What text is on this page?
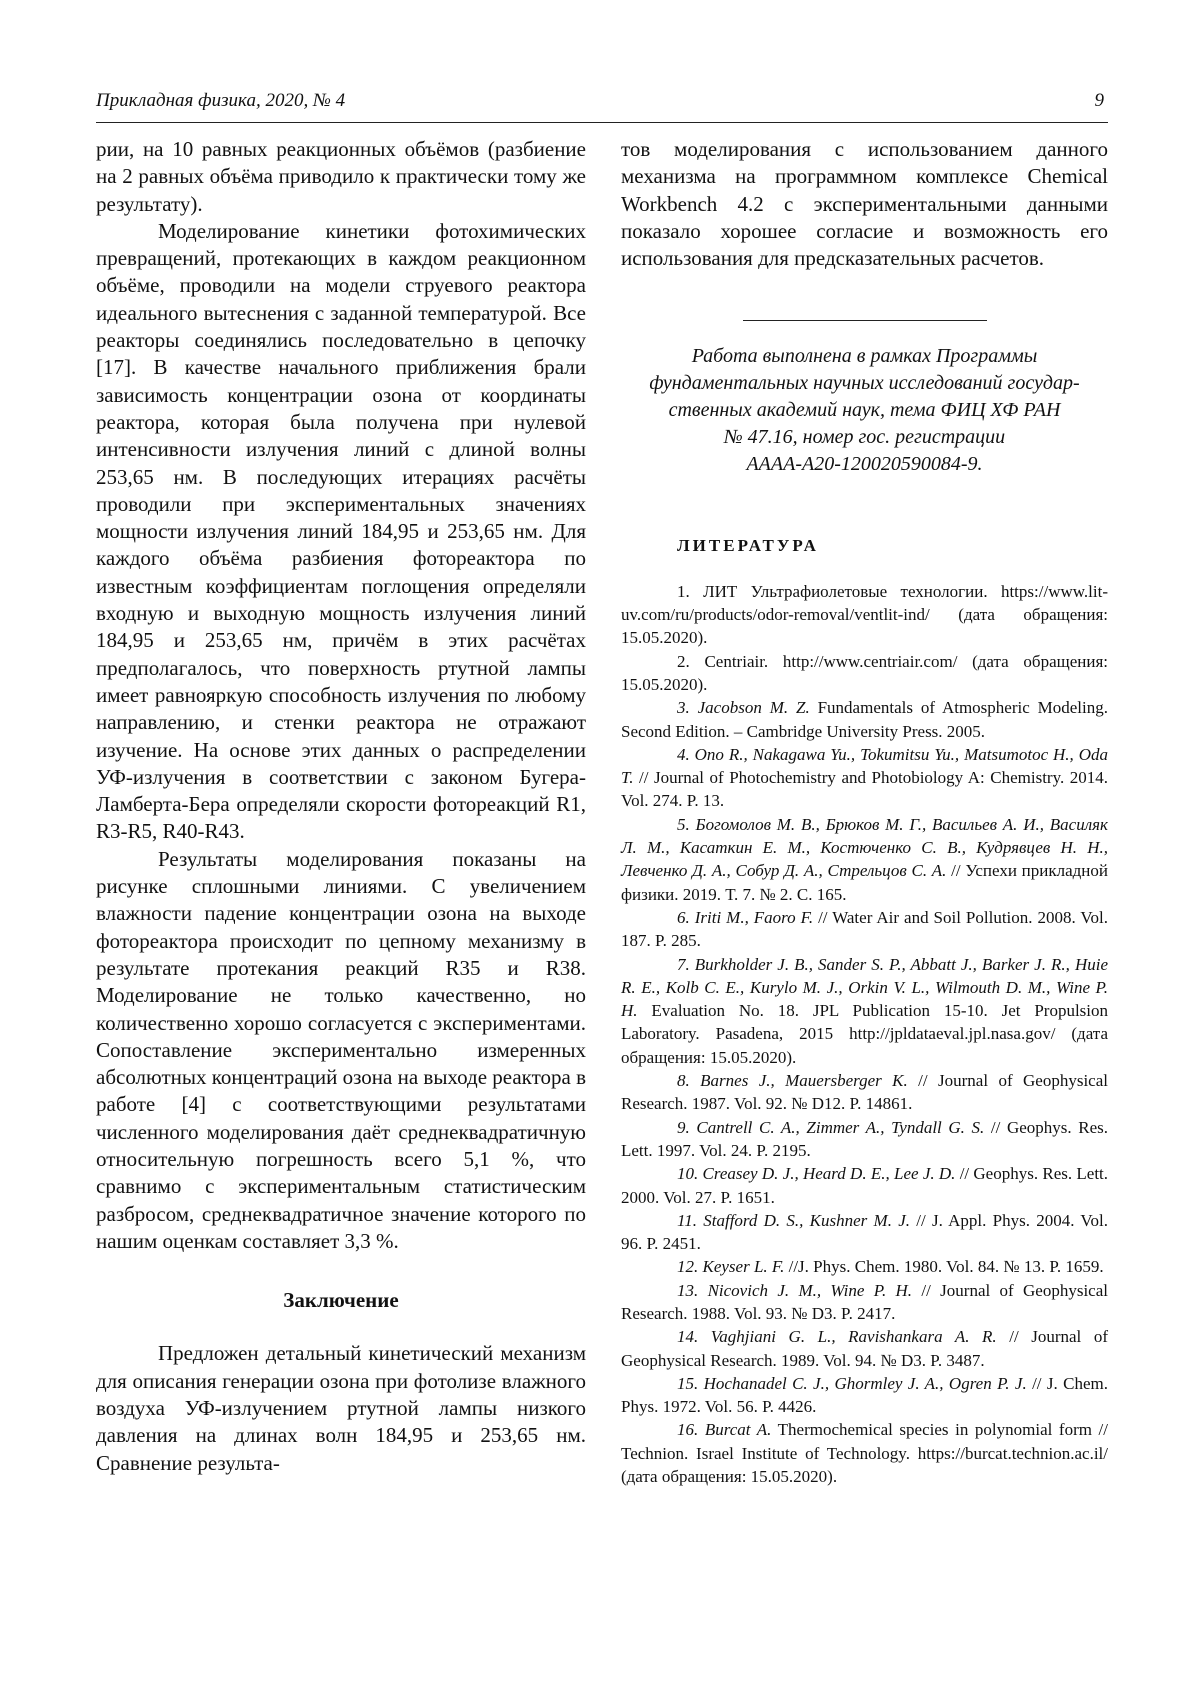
Прикладная физика, 2020, № 4	9

рии, на 10 равных реакционных объёмов (разбиение на 2 равных объёма приводило к практически тому же результату).

Моделирование кинетики фотохимических превращений, протекающих в каждом реакционном объёме, проводили на модели струевого реактора идеального вытеснения с заданной температурой. Все реакторы соединялись последовательно в цепочку [17]. В качестве начального приближения брали зависимость концентрации озона от координаты реактора, которая была получена при нулевой интенсивности излучения линий с длиной волны 253,65 нм. В последующих итерациях расчёты проводили при экспериментальных значениях мощности излучения линий 184,95 и 253,65 нм. Для каждого объёма разбиения фотореактора по известным коэффициентам поглощения определяли входную и выходную мощность излучения линий 184,95 и 253,65 нм, причём в этих расчётах предполагалось, что поверхность ртутной лампы имеет равнояркую способность излучения по любому направлению, и стенки реактора не отражают изучение. На основе этих данных о распределении УФ-излучения в соответствии с законом Бугера-Ламберта-Бера определяли скорости фотореакций R1, R3-R5, R40-R43.

Результаты моделирования показаны на рисунке сплошными линиями. С увеличением влажности падение концентрации озона на выходе фотореактора происходит по цепному механизму в результате протекания реакций R35 и R38. Моделирование не только качественно, но количественно хорошо согласуется с экспериментами. Сопоставление экспериментально измеренных абсолютных концентраций озона на выходе реактора в работе [4] с соответствующими результатами численного моделирования даёт среднеквадратичную относительную погрешность всего 5,1 %, что сравнимо с экспериментальным статистическим разбросом, среднеквадратичное значение которого по нашим оценкам составляет 3,3 %.

Заключение

Предложен детальный кинетический механизм для описания генерации озона при фотолизе влажного воздуха УФ-излучением ртутной лампы низкого давления на длинах волн 184,95 и 253,65 нм. Сравнение результа-

тов моделирования с использованием данного механизма на программном комплексе Chemical Workbench 4.2 с экспериментальными данными показало хорошее согласие и возможность его использования для предсказательных расчетов.

Работа выполнена в рамках Программы
фундаментальных научных исследований государ-
ственных академий наук, тема ФИЦ ХФ РАН
№ 47.16, номер гос. регистрации
АААА-А20-120020590084-9.
ЛИТЕРАТУРА

1. ЛИТ Ультрафиолетовые технологии. https://www.lit-uv.com/ru/products/odor-removal/ventlit-ind/ (дата обращения: 15.05.2020).

2. Centriair. http://www.centriair.com/ (дата обращения: 15.05.2020).

3. Jacobson M. Z. Fundamentals of Atmospheric Modeling. Second Edition. – Cambridge University Press. 2005.

4. Ono R., Nakagawa Yu., Tokumitsu Yu., Matsumotoc H., Oda T. // Journal of Photochemistry and Photobiology A: Chemistry. 2014. Vol. 274. P. 13.

5. Богомолов М. В., Брюков М. Г., Васильев А. И., Василяк Л. М., Касаткин Е. М., Костюченко С. В., Кудрявцев Н. Н., Левченко Д. А., Собур Д. А., Стрельцов С. А. // Успехи прикладной физики. 2019. Т. 7. № 2. С. 165.

6. Iriti M., Faoro F. // Water Air and Soil Pollution. 2008. Vol. 187. P. 285.

7. Burkholder J. B., Sander S. P., Abbatt J., Barker J. R., Huie R. E., Kolb C. E., Kurylo M. J., Orkin V. L., Wilmouth D. M., Wine P. H. Evaluation No. 18. JPL Publication 15-10. Jet Propulsion Laboratory. Pasadena, 2015 http://jpldataeval.jpl.nasa.gov/ (дата обращения: 15.05.2020).

8. Barnes J., Mauersberger K. // Journal of Geophysical Research. 1987. Vol. 92. № D12. P. 14861.

9. Cantrell C. A., Zimmer A., Tyndall G. S. // Geophys. Res. Lett. 1997. Vol. 24. P. 2195.

10. Creasey D. J., Heard D. E., Lee J. D. // Geophys. Res. Lett. 2000. Vol. 27. P. 1651.

11. Stafford D. S., Kushner M. J. // J. Appl. Phys. 2004. Vol. 96. P. 2451.

12. Keyser L. F. //J. Phys. Chem. 1980. Vol. 84. № 13. P. 1659.

13. Nicovich J. M., Wine P. H. // Journal of Geophysical Research. 1988. Vol. 93. № D3. P. 2417.

14. Vaghjiani G. L., Ravishankara A. R. // Journal of Geophysical Research. 1989. Vol. 94. № D3. P. 3487.

15. Hochanadel C. J., Ghormley J. A., Ogren P. J. // J. Chem. Phys. 1972. Vol. 56. P. 4426.

16. Burcat A. Thermochemical species in polynomial form // Technion. Israel Institute of Technology. https://burcat.technion.ac.il/ (дата обращения: 15.05.2020).
